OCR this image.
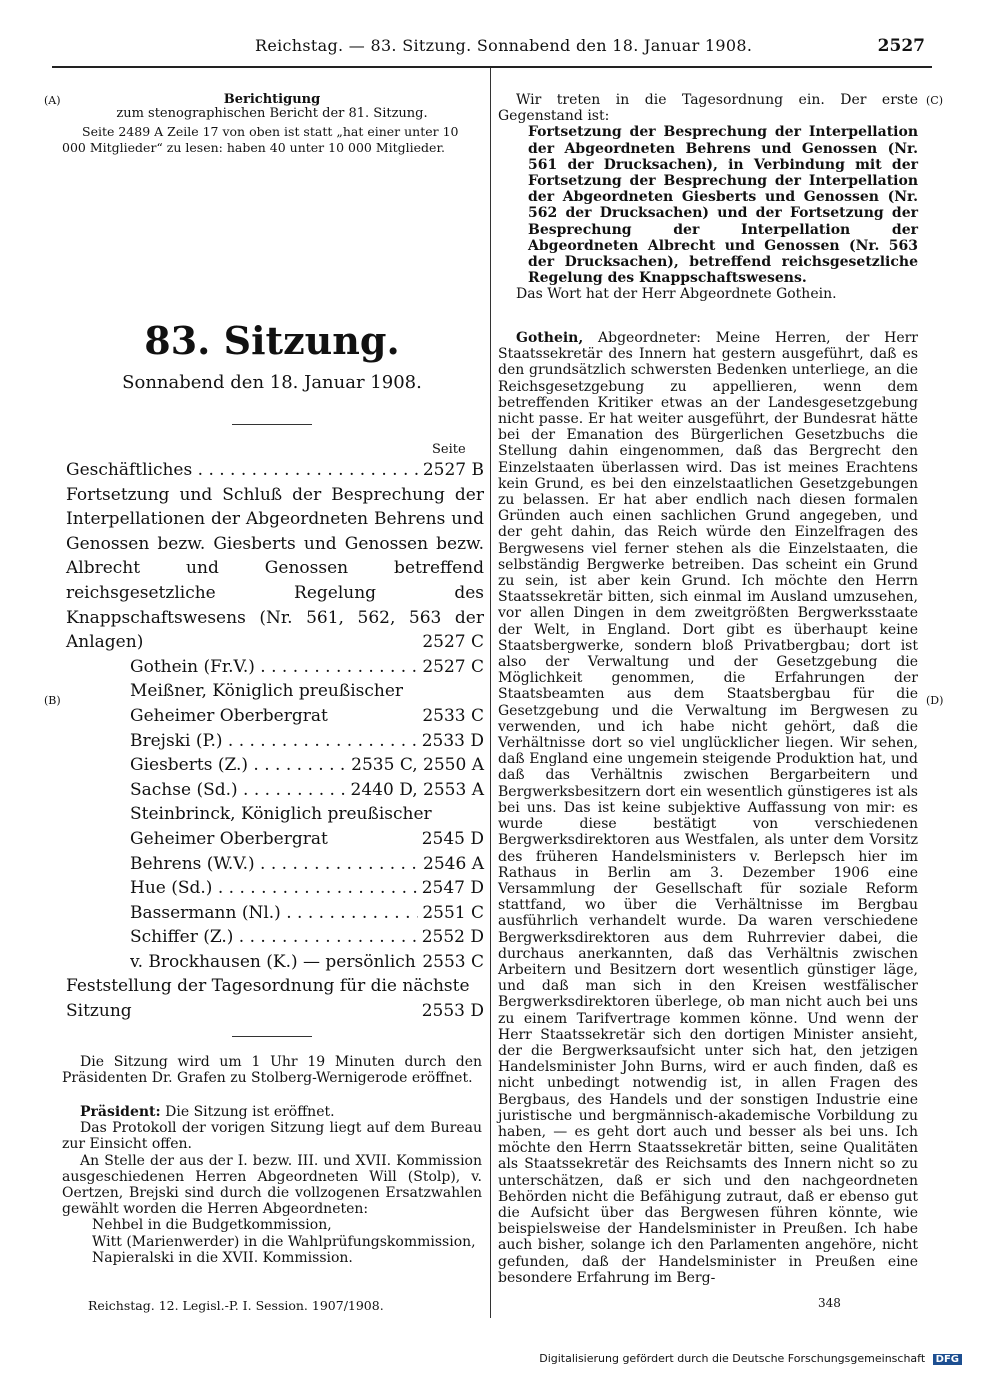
Reichstag. — 83. Sitzung. Sonnabend den 18. Januar 1908.	2527
(A)
(B)
(C)
(D)
Berichtigung
zum stenographischen Bericht der 81. Sitzung.
Seite 2489 A Zeile 17 von oben ist statt „hat einer unter 10 000 Mitglieder“ zu lesen: haben 40 unter 10 000 Mitglieder.
83. Sitzung.
Sonnabend den 18. Januar 1908.
Seite
Geschäftliches . . .	2527 B
Fortsetzung und Schluß der Besprechung der Interpellationen der Abgeordneten Behrens und Genossen bezw. Giesberts und Genossen bezw. Albrecht und Genossen betreffend reichsgesetzliche Regelung des Knappschaftswesens (Nr. 561, 562, 563 der Anlagen)	2527 C
Gothein (Fr.V.) . . .	2527 C
Meißner, Königlich preußischer Geheimer Oberbergrat	2533 C
Brejski (P.) . . .	2533 D
Giesberts (Z.) . . .	2535 C, 2550 A
Sachse (Sd.) . . .	2440 D, 2553 A
Steinbrinck, Königlich preußischer Geheimer Oberbergrat	2545 D
Behrens (W.V.) . . .	2546 A
Hue (Sd.) . . .	2547 D
Bassermann (Nl.) . . .	2551 C
Schiffer (Z.) . . .	2552 D
v. Brockhausen (K.) — persönlich . . . 2553 C
Feststellung der Tagesordnung für die nächste Sitzung	2553 D

Die Sitzung wird um 1 Uhr 19 Minuten durch den Präsidenten Dr. Grafen zu Stolberg-Wernigerode eröffnet.

Präsident: Die Sitzung ist eröffnet.

Das Protokoll der vorigen Sitzung liegt auf dem Bureau zur Einsicht offen.

An Stelle der aus der I. bezw. III. und XVII. Kommission ausgeschiedenen Herren Abgeordneten Will (Stolp), v. Oertzen, Brejski sind durch die vollzogenen Ersatzwahlen gewählt worden die Herren Abgeordneten:

Nehbel in die Budgetkommission,

Witt (Marienwerder) in die Wahlprüfungskommission,

Napieralski in die XVII. Kommission.

Reichstag. 12. Legisl.-P. I. Session. 1907/1908.

Wir treten in die Tagesordnung ein. Der erste Gegenstand ist:

Fortsetzung der Besprechung der Interpellation der Abgeordneten Behrens und Genossen (Nr. 561 der Drucksachen), in Verbindung mit der Fortsetzung der Besprechung der Interpellation der Abgeordneten Giesberts und Genossen (Nr. 562 der Drucksachen) und der Fortsetzung der Besprechung der Interpellation der Abgeordneten Albrecht und Genossen (Nr. 563 der Drucksachen), betreffend reichsgesetzliche Regelung des Knappschaftswesens.

Das Wort hat der Herr Abgeordnete Gothein.

Gothein, Abgeordneter: Meine Herren, der Herr Staatssekretär des Innern hat gestern ausgeführt, daß es den grundsätzlich schwersten Bedenken unterliege, an die Reichsgesetzgebung zu appellieren, wenn dem betreffenden Kritiker etwas an der Landesgesetzgebung nicht passe. Er hat weiter ausgeführt, der Bundesrat hätte bei der Emanation des Bürgerlichen Gesetzbuchs die Stellung dahin eingenommen, daß das Bergrecht den Einzelstaaten überlassen wird. Das ist meines Erachtens kein Grund, es bei den einzelstaatlichen Gesetzgebungen zu belassen. Er hat aber endlich nach diesen formalen Gründen auch einen sachlichen Grund angegeben, und der geht dahin, das Reich würde den Einzelfragen des Bergwesens viel ferner stehen als die Einzelstaaten, die selbständig Bergwerke betreiben. Das scheint ein Grund zu sein, ist aber kein Grund. Ich möchte den Herrn Staatssekretär bitten, sich einmal im Ausland umzusehen, vor allen Dingen in dem zweitgrößten Bergwerksstaate der Welt, in England. Dort gibt es überhaupt keine Staatsbergwerke, sondern bloß Privatbergbau; dort ist also der Verwaltung und der Gesetzgebung die Möglichkeit genommen, die Erfahrungen der Staatsbeamten aus dem Staatsbergbau für die Gesetzgebung und die Verwaltung im Bergwesen zu verwenden, und ich habe nicht gehört, daß die Verhältnisse dort so viel unglücklicher liegen. Wir sehen, daß England eine ungemein steigende Produktion hat, und daß das Verhältnis zwischen Bergarbeitern und Bergwerksbesitzern dort ein wesentlich günstigeres ist als bei uns. Das ist keine subjektive Auffassung von mir: es wurde diese bestätigt von verschiedenen Bergwerksdirektoren aus Westfalen, als unter dem Vorsitz des früheren Handelsministers v. Berlepsch hier im Rathaus in Berlin am 3. Dezember 1906 eine Versammlung der Gesellschaft für soziale Reform stattfand, wo über die Verhältnisse im Bergbau ausführlich verhandelt wurde. Da waren verschiedene Bergwerksdirektoren aus dem Ruhrrevier dabei, die durchaus anerkannten, daß das Verhältnis zwischen Arbeitern und Besitzern dort wesentlich günstiger läge, und daß man sich in den Kreisen westfälischer Bergwerksdirektoren überlege, ob man nicht auch bei uns zu einem Tarifvertrage kommen könne. Und wenn der Herr Staatssekretär sich den dortigen Minister ansieht, der die Bergwerksaufsicht unter sich hat, den jetzigen Handelsminister John Burns, wird er auch finden, daß es nicht unbedingt notwendig ist, in allen Fragen des Bergbaus, des Handels und der sonstigen Industrie eine juristische und bergmännisch-akademische Vorbildung zu haben, — es geht dort auch und besser als bei uns. Ich möchte den Herrn Staatssekretär bitten, seine Qualitäten als Staatssekretär des Reichsamts des Innern nicht so zu unterschätzen, daß er sich und den nachgeordneten Behörden nicht die Befähigung zutraut, daß er ebenso gut die Aufsicht über das Bergwesen führen könnte, wie beispielsweise der Handelsminister in Preußen. Ich habe auch bisher, solange ich den Parlamenten angehöre, nicht gefunden, daß der Handelsminister in Preußen eine besondere Erfahrung im Berg-

348
Digitalisierung gefördert durch die Deutsche Forschungsgemeinschaft DFG
